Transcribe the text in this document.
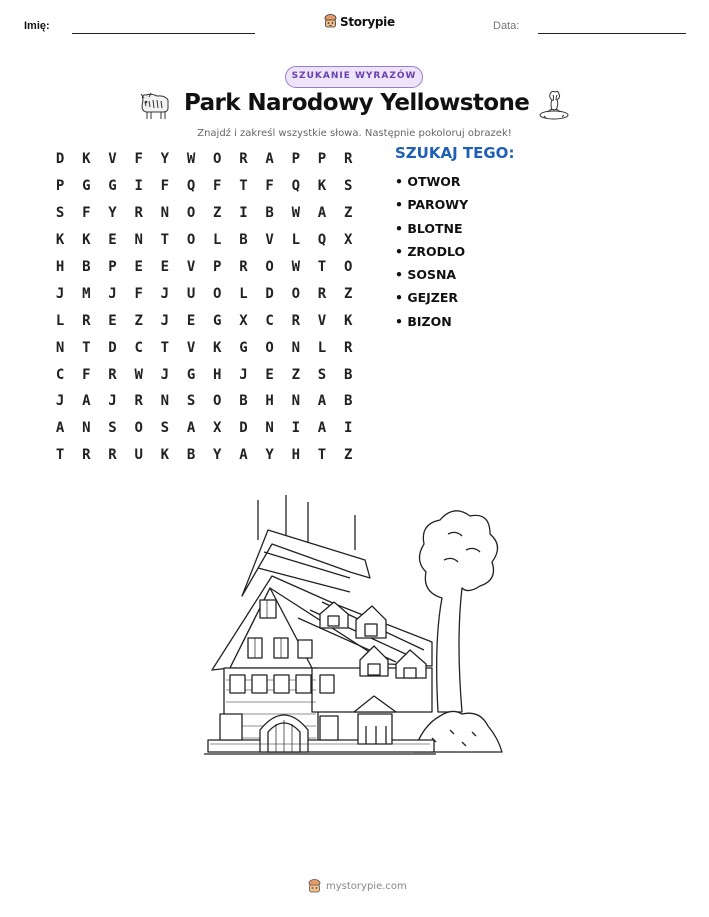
Imię:	Storypie	Data:
SZUKANIE WYRAZÓW
Park Narodowy Yellowstone
Znajdź i zakreśl wszystkie słowa. Następnie pokoloruj obrazek!
D	K	V	F	Y	W	O	R	A	P	P	R
P	G	G	I	F	Q	F	T	F	Q	K	S
S	F	Y	R	N	O	Z	I	B	W	A	Z
K	K	E	N	T	O	L	B	V	L	Q	X
H	B	P	E	E	V	P	R	O	W	T	O
J	M	J	F	J	U	O	L	D	O	R	Z
L	R	E	Z	J	E	G	X	C	R	V	K
N	T	D	C	T	V	K	G	O	N	L	R
C	F	R	W	J	G	H	J	E	Z	S	B
J	A	J	R	N	S	O	B	H	N	A	B
A	N	S	O	S	A	X	D	N	I	A	I
T	R	R	U	K	B	Y	A	Y	H	T	Z
SZUKAJ TEGO:
• OTWOR
• PAROWY
• BLOTNE
• ZRODLO
• SOSNA
• GEJZER
• BIZON
mystorypie.com
